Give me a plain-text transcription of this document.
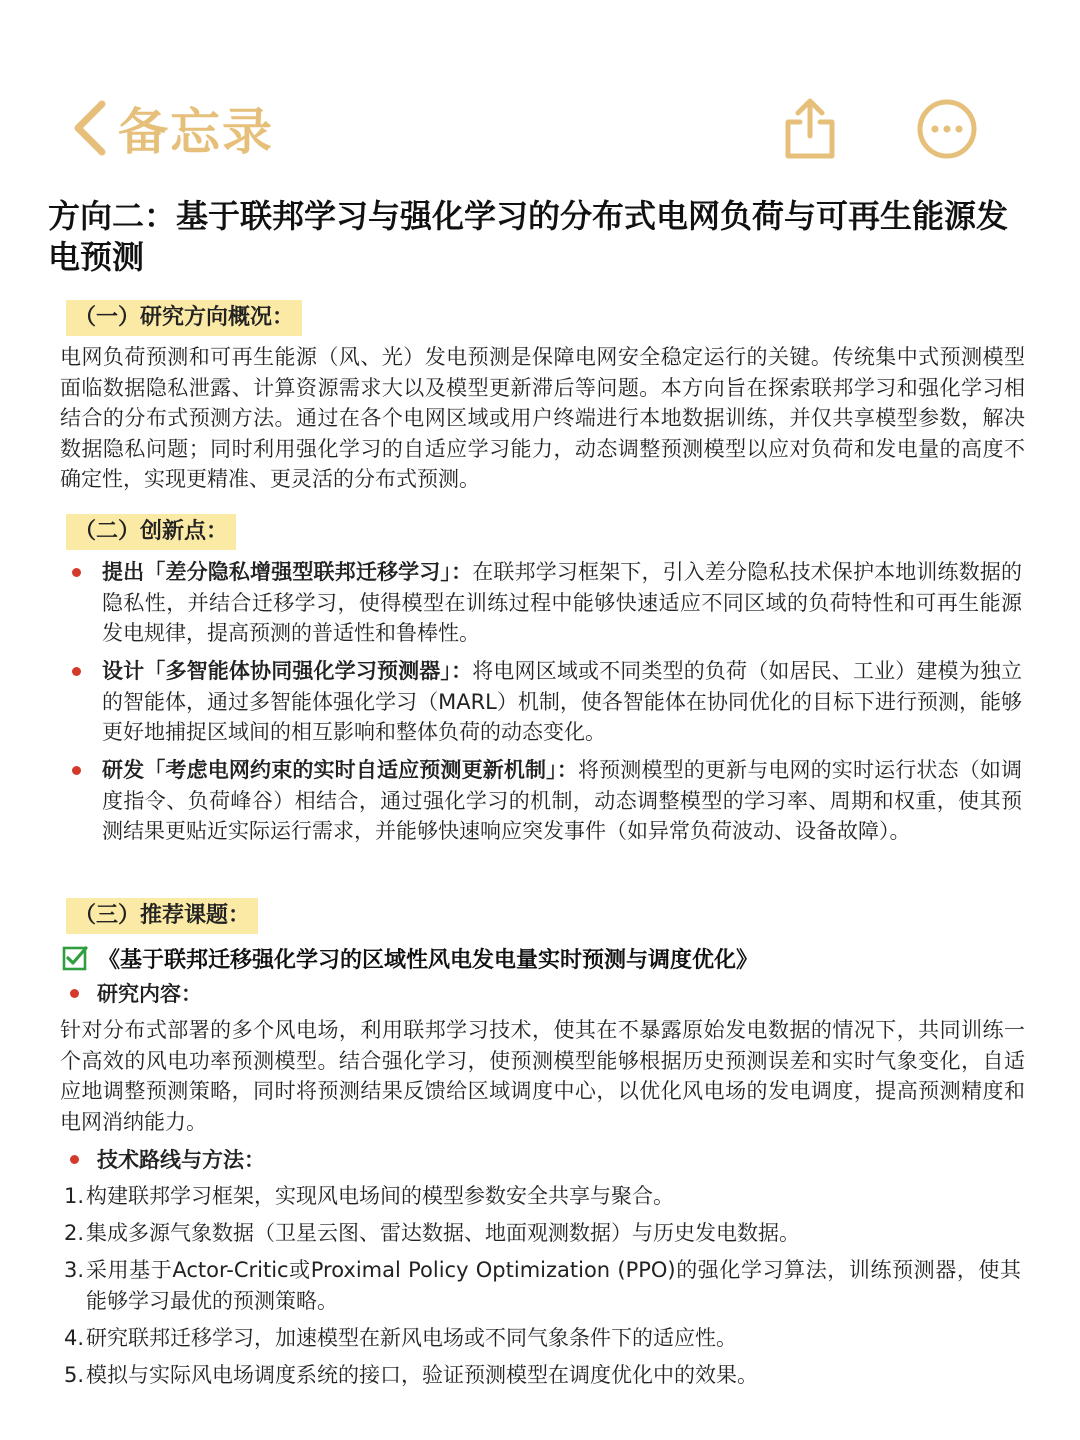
备忘录
方向二：基于联邦学习与强化学习的分布式电网负荷与可再生能源发电预测
（一）研究方向概况：
电网负荷预测和可再生能源（风、光）发电预测是保障电网安全稳定运行的关键。传统集中式预测模型面临数据隐私泄露、计算资源需求大以及模型更新滞后等问题。本方向旨在探索联邦学习和强化学习相结合的分布式预测方法。通过在各个电网区域或用户终端进行本地数据训练，并仅共享模型参数，解决数据隐私问题；同时利用强化学习的自适应学习能力，动态调整预测模型以应对负荷和发电量的高度不确定性，实现更精准、更灵活的分布式预测。
（二）创新点：
提出「差分隐私增强型联邦迁移学习」：在联邦学习框架下，引入差分隐私技术保护本地训练数据的隐私性，并结合迁移学习，使得模型在训练过程中能够快速适应不同区域的负荷特性和可再生能源发电规律，提高预测的普适性和鲁棒性。
设计「多智能体协同强化学习预测器」：将电网区域或不同类型的负荷（如居民、工业）建模为独立的智能体，通过多智能体强化学习（MARL）机制，使各智能体在协同优化的目标下进行预测，能够更好地捕捉区域间的相互影响和整体负荷的动态变化。
研发「考虑电网约束的实时自适应预测更新机制」：将预测模型的更新与电网的实时运行状态（如调度指令、负荷峰谷）相结合，通过强化学习的机制，动态调整模型的学习率、周期和权重，使其预测结果更贴近实际运行需求，并能够快速响应突发事件（如异常负荷波动、设备故障）。
（三）推荐课题：
《基于联邦迁移强化学习的区域性风电发电量实时预测与调度优化》
研究内容：
针对分布式部署的多个风电场，利用联邦学习技术，使其在不暴露原始发电数据的情况下，共同训练一个高效的风电功率预测模型。结合强化学习，使预测模型能够根据历史预测误差和实时气象变化，自适应地调整预测策略，同时将预测结果反馈给区域调度中心，以优化风电场的发电调度，提高预测精度和电网消纳能力。
技术路线与方法：
1. 构建联邦学习框架，实现风电场间的模型参数安全共享与聚合。
2. 集成多源气象数据（卫星云图、雷达数据、地面观测数据）与历史发电数据。
3. 采用基于Actor-Critic或Proximal Policy Optimization (PPO)的强化学习算法，训练预测器，使其能够学习最优的预测策略。
4. 研究联邦迁移学习，加速模型在新风电场或不同气象条件下的适应性。
5. 模拟与实际风电场调度系统的接口，验证预测模型在调度优化中的效果。
